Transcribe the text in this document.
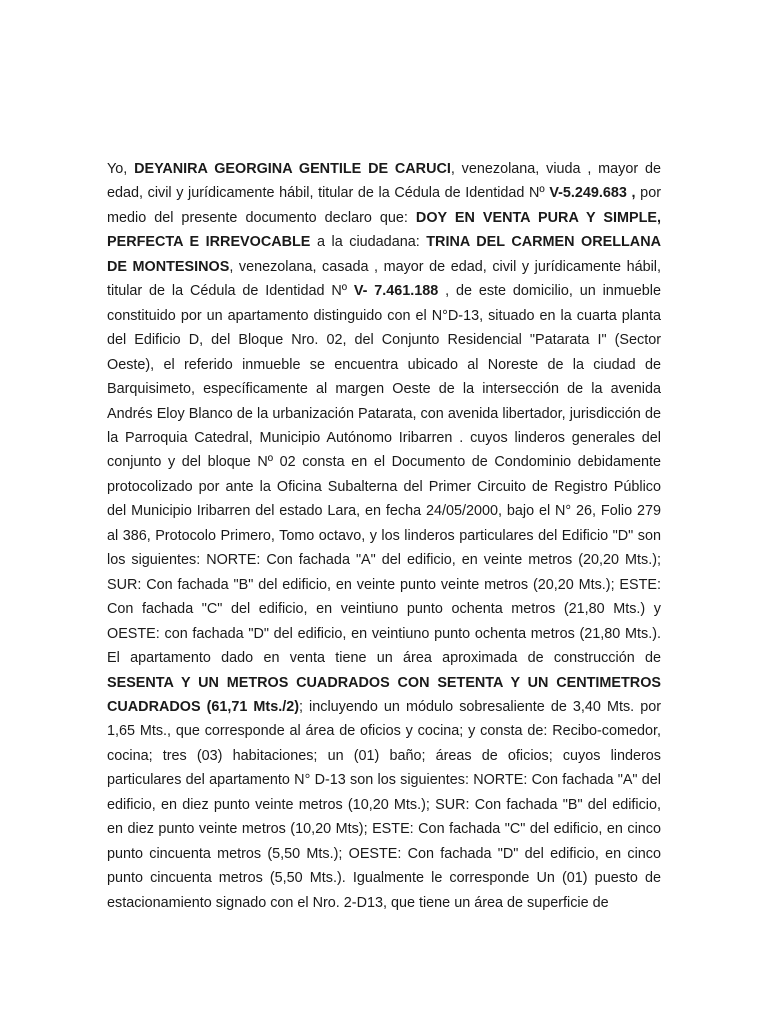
Yo, DEYANIRA GEORGINA GENTILE DE CARUCI, venezolana, viuda , mayor de edad, civil y jurídicamente hábil, titular de la Cédula de Identidad Nº V-5.249.683 , por medio del presente documento declaro que: DOY EN VENTA PURA Y SIMPLE, PERFECTA E IRREVOCABLE a la ciudadana: TRINA DEL CARMEN ORELLANA DE MONTESINOS, venezolana, casada , mayor de edad, civil y jurídicamente hábil, titular de la Cédula de Identidad Nº V- 7.461.188 , de este domicilio, un inmueble constituido por un apartamento distinguido con el N°D-13, situado en la cuarta planta del Edificio D, del Bloque Nro. 02, del Conjunto Residencial "Patarata I" (Sector Oeste), el referido inmueble se encuentra ubicado al Noreste de la ciudad de Barquisimeto, específicamente al margen Oeste de la intersección de la avenida Andrés Eloy Blanco de la urbanización Patarata, con avenida libertador, jurisdicción de la Parroquia Catedral, Municipio Autónomo Iribarren . cuyos linderos generales del conjunto y del bloque Nº 02 consta en el Documento de Condominio debidamente protocolizado por ante la Oficina Subalterna del Primer Circuito de Registro Público del Municipio Iribarren del estado Lara, en fecha 24/05/2000, bajo el N° 26, Folio 279 al 386, Protocolo Primero, Tomo octavo, y los linderos particulares del Edificio "D" son los siguientes: NORTE: Con fachada "A" del edificio, en veinte metros (20,20 Mts.); SUR: Con fachada "B" del edificio, en veinte punto veinte metros (20,20 Mts.); ESTE: Con fachada "C" del edificio, en veintiuno punto ochenta metros (21,80 Mts.) y OESTE: con fachada "D" del edificio, en veintiuno punto ochenta metros (21,80 Mts.). El apartamento dado en venta tiene un área aproximada de construcción de SESENTA Y UN METROS CUADRADOS CON SETENTA Y UN CENTIMETROS CUADRADOS (61,71 Mts./2); incluyendo un módulo sobresaliente de 3,40 Mts. por 1,65 Mts., que corresponde al área de oficios y cocina; y consta de: Recibo-comedor, cocina; tres (03) habitaciones; un (01) baño; áreas de oficios; cuyos linderos particulares del apartamento N° D-13 son los siguientes: NORTE: Con fachada "A" del edificio, en diez punto veinte metros (10,20 Mts.); SUR: Con fachada "B" del edificio, en diez punto veinte metros (10,20 Mts); ESTE: Con fachada "C" del edificio, en cinco punto cincuenta metros (5,50 Mts.); OESTE: Con fachada "D" del edificio, en cinco punto cincuenta metros (5,50 Mts.). Igualmente le corresponde Un (01) puesto de estacionamiento signado con el Nro. 2-D13, que tiene un área de superficie de
